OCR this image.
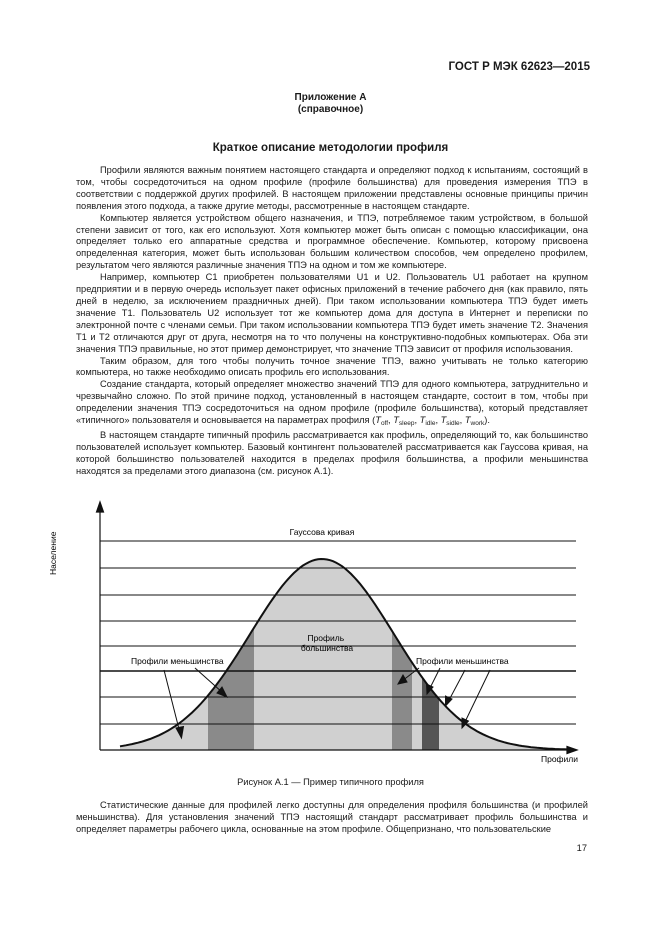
ГОСТ Р МЭК 62623—2015
Приложение А
(справочное)
Краткое описание методологии профиля

Профили являются важным понятием настоящего стандарта и определяют подход к испытаниям, состоящий в том, чтобы сосредоточиться на одном профиле (профиле большинства) для проведения измерения ТПЭ в соответствии с поддержкой других профилей. В настоящем приложении представлены основные принципы причин появления этого подхода, а также другие методы, рассмотренные в настоящем стандарте.

Компьютер является устройством общего назначения, и ТПЭ, потребляемое таким устройством, в большой степени зависит от того, как его используют. Хотя компьютер может быть описан с помощью классификации, она определяет только его аппаратные средства и программное обеспечение. Компьютер, которому присвоена определенная категория, может быть использован большим количеством способов, чем определено профилем, результатом чего являются различные значения ТПЭ на одном и том же компьютере.

Например, компьютер С1 приобретен пользователями U1 и U2. Пользователь U1 работает на крупном предприятии и в первую очередь использует пакет офисных приложений в течение рабочего дня (как правило, пять дней в неделю, за исключением праздничных дней). При таком использовании компьютера ТПЭ будет иметь значение Т1. Пользователь U2 использует тот же компьютер дома для доступа в Интернет и переписки по электронной почте с членами семьи. При таком использовании компьютера ТПЭ будет иметь значение Т2. Значения Т1 и Т2 отличаются друг от друга, несмотря на то что получены на конструктивно-подобных компьютерах. Оба эти значения ТПЭ правильные, но этот пример демонстрирует, что значение ТПЭ зависит от профиля использования.

Таким образом, для того чтобы получить точное значение ТПЭ, важно учитывать не только категорию компьютера, но также необходимо описать профиль его использования.

Создание стандарта, который определяет множество значений ТПЭ для одного компьютера, затруднительно и чрезвычайно сложно. По этой причине подход, установленный в настоящем стандарте, состоит в том, чтобы при определении значения ТПЭ сосредоточиться на одном профиле (профиле большинства), который представляет «типичного» пользователя и основывается на параметрах профиля ($T_{off}$, $T_{sleep}$, $T_{idle}$, $T_{sidle}$, $T_{work}$).

В настоящем стандарте типичный профиль рассматривается как профиль, определяющий то, как большинство пользователей использует компьютер. Базовый контингент пользователей рассматривается как Гауссова кривая, на которой большинство пользователей находится в пределах профиля большинства, а профили меньшинства находятся за пределами этого диапазона (см. рисунок А.1).

Население
Профили
Гауссова кривая
Профиль большинства
Профили меньшинства	Профили меньшинства
Рисунок А.1 — Пример типичного профиля

Статистические данные для профилей легко доступны для определения профиля большинства (и профилей меньшинства). Для установления значений ТПЭ настоящий стандарт рассматривает профиль большинства и определяет параметры рабочего цикла, основанные на этом профиле. Общепризнано, что пользовательские

17
